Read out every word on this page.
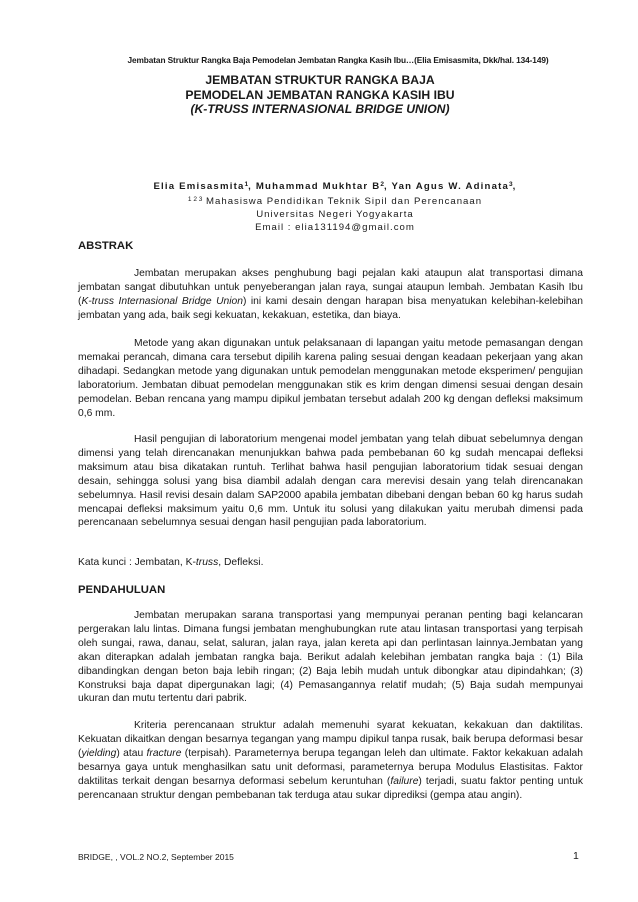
Jembatan Struktur Rangka Baja Pemodelan Jembatan Rangka Kasih Ibu…(Elia Emisasmita, Dkk/hal. 134-149)
JEMBATAN STRUKTUR RANGKA BAJA
PEMODELAN JEMBATAN RANGKA KASIH IBU
(K-TRUSS INTERNASIONAL BRIDGE UNION)
Elia Emisasmita$^1$, Muhammad Mukhtar $B^2$, Yan Agus W. Adinata$^3$,
$^{1 2 3}$ Mahasiswa Pendidikan Teknik Sipil dan Perencanaan
Universitas Negeri Yogyakarta
Email : elia131194@gmail.com
ABSTRAK

Jembatan merupakan akses penghubung bagi pejalan kaki ataupun alat transportasi dimana jembatan sangat dibutuhkan untuk penyeberangan jalan raya, sungai ataupun lembah. Jembatan Kasih Ibu (K-truss Internasional Bridge Union) ini kami desain dengan harapan bisa menyatukan kelebihan-kelebihan jembatan yang ada, baik segi kekuatan, kekakuan, estetika, dan biaya.

Metode yang akan digunakan untuk pelaksanaan di lapangan yaitu metode pemasangan dengan memakai perancah, dimana cara tersebut dipilih karena paling sesuai dengan keadaan pekerjaan yang akan dihadapi. Sedangkan metode yang digunakan untuk pemodelan menggunakan metode eksperimen/ pengujian laboratorium. Jembatan dibuat pemodelan menggunakan stik es krim dengan dimensi sesuai dengan desain pemodelan. Beban rencana yang mampu dipikul jembatan tersebut adalah 200 kg dengan defleksi maksimum 0,6 mm.

Hasil pengujian di laboratorium mengenai model jembatan yang telah dibuat sebelumnya dengan dimensi yang telah direncanakan menunjukkan bahwa pada pembebanan 60 kg sudah mencapai defleksi maksimum atau bisa dikatakan runtuh. Terlihat bahwa hasil pengujian laboratorium tidak sesuai dengan desain, sehingga solusi yang bisa diambil adalah dengan cara merevisi desain yang telah direncanakan sebelumnya. Hasil revisi desain dalam SAP2000 apabila jembatan dibebani dengan beban 60 kg harus sudah mencapai defleksi maksimum yaitu 0,6 mm. Untuk itu solusi yang dilakukan yaitu merubah dimensi pada perencanaan sebelumnya sesuai dengan hasil pengujian pada laboratorium.

Kata kunci : Jembatan, K-truss, Defleksi.

PENDAHULUAN

Jembatan merupakan sarana transportasi yang mempunyai peranan penting bagi kelancaran pergerakan lalu lintas. Dimana fungsi jembatan menghubungkan rute atau lintasan transportasi yang terpisah oleh sungai, rawa, danau, selat, saluran, jalan raya, jalan kereta api dan perlintasan lainnya.Jembatan yang akan diterapkan adalah jembatan rangka baja. Berikut adalah kelebihan jembatan rangka baja : (1) Bila dibandingkan dengan beton baja lebih ringan; (2) Baja lebih mudah untuk dibongkar atau dipindahkan; (3) Konstruksi baja dapat dipergunakan lagi; (4) Pemasangannya relatif mudah; (5) Baja sudah mempunyai ukuran dan mutu tertentu dari pabrik.

Kriteria perencanaan struktur adalah memenuhi syarat kekuatan, kekakuan dan daktilitas. Kekuatan dikaitkan dengan besarnya tegangan yang mampu dipikul tanpa rusak, baik berupa deformasi besar (yielding) atau fracture (terpisah). Parameternya berupa tegangan leleh dan ultimate. Faktor kekakuan adalah besarnya gaya untuk menghasilkan satu unit deformasi, parameternya berupa Modulus Elastisitas. Faktor daktilitas terkait dengan besarnya deformasi sebelum keruntuhan (failure) terjadi, suatu faktor penting untuk perencanaan struktur dengan pembebanan tak terduga atau sukar diprediksi (gempa atau angin).

BRIDGE, , VOL.2 NO.2, September 2015	1
